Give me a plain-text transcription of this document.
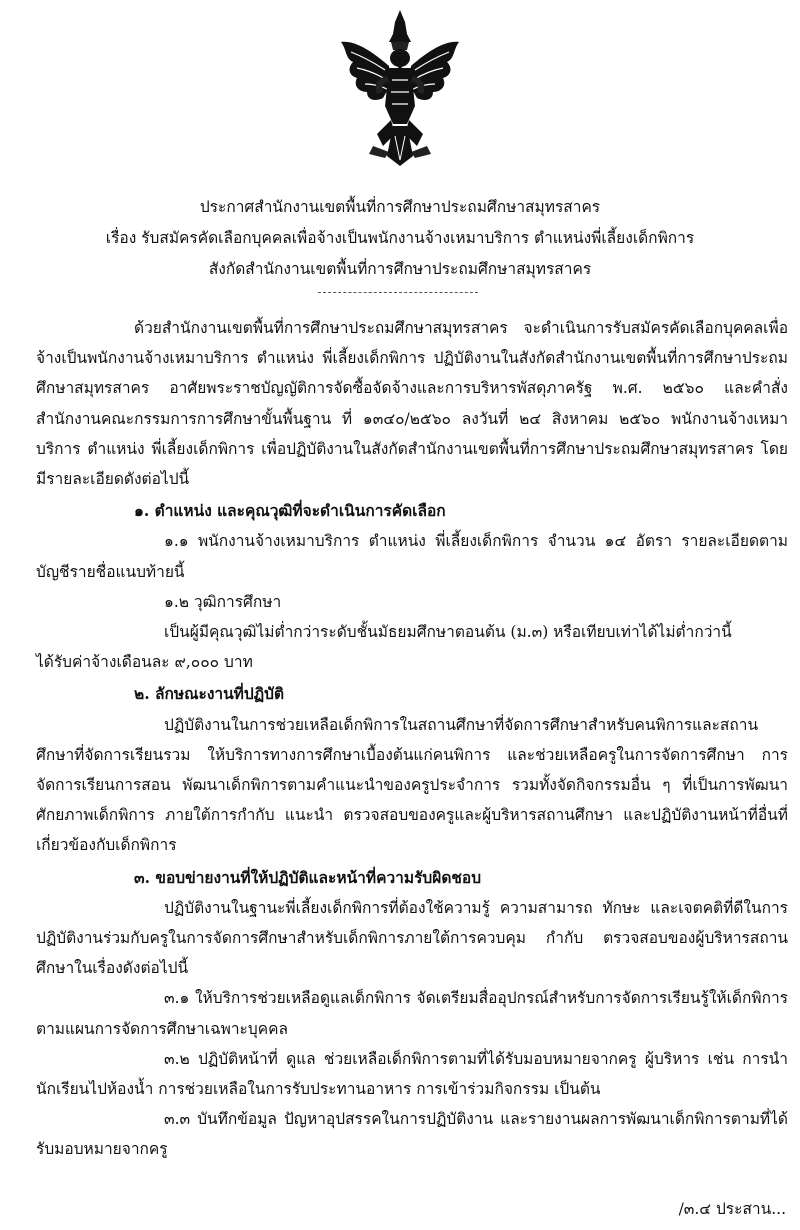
ประกาศสำนักงานเขตพื้นที่การศึกษาประถมศึกษาสมุทรสาคร
เรื่อง รับสมัครคัดเลือกบุคคลเพื่อจ้างเป็นพนักงานจ้างเหมาบริการ ตำแหน่งพี่เลี้ยงเด็กพิการ
สังกัดสำนักงานเขตพื้นที่การศึกษาประถมศึกษาสมุทรสาคร

ด้วยสำนักงานเขตพื้นที่การศึกษาประถมศึกษาสมุทรสาคร จะดำเนินการรับสมัครคัดเลือกบุคคลเพื่อจ้างเป็นพนักงานจ้างเหมาบริการ ตำแหน่ง พี่เลี้ยงเด็กพิการ ปฏิบัติงานในสังกัดสำนักงานเขตพื้นที่การศึกษาประถมศึกษาสมุทรสาคร อาศัยพระราชบัญญัติการจัดซื้อจัดจ้างและการบริหารพัสดุภาครัฐ พ.ศ. ๒๕๖๐ และคำสั่งสำนักงานคณะกรรมการการศึกษาขั้นพื้นฐาน ที่ ๑๓๔๐/๒๕๖๐ ลงวันที่ ๒๔ สิงหาคม ๒๕๖๐ พนักงานจ้างเหมาบริการ ตำแหน่ง พี่เลี้ยงเด็กพิการ เพื่อปฏิบัติงานในสังกัดสำนักงานเขตพื้นที่การศึกษาประถมศึกษาสมุทรสาคร โดยมีรายละเอียดดังต่อไปนี้

๑. ตำแหน่ง และคุณวุฒิที่จะดำเนินการคัดเลือก

๑.๑ พนักงานจ้างเหมาบริการ ตำแหน่ง พี่เลี้ยงเด็กพิการ จำนวน ๑๔ อัตรา รายละเอียดตามบัญชีรายชื่อแนบท้ายนี้

๑.๒ วุฒิการศึกษา

เป็นผู้มีคุณวุฒิไม่ต่ำกว่าระดับชั้นมัธยมศึกษาตอนต้น (ม.๓) หรือเทียบเท่าได้ไม่ต่ำกว่านี้

ได้รับค่าจ้างเดือนละ ๙,๐๐๐ บาท

๒. ลักษณะงานที่ปฏิบัติ

ปฏิบัติงานในการช่วยเหลือเด็กพิการในสถานศึกษาที่จัดการศึกษาสำหรับคนพิการและสถานศึกษาที่จัดการเรียนรวม ให้บริการทางการศึกษาเบื้องต้นแก่คนพิการ และช่วยเหลือครูในการจัดการศึกษา การจัดการเรียนการสอน พัฒนาเด็กพิการตามคำแนะนำของครูประจำการ รวมทั้งจัดกิจกรรมอื่น ๆ ที่เป็นการพัฒนาศักยภาพเด็กพิการ ภายใต้การกำกับ แนะนำ ตรวจสอบของครูและผู้บริหารสถานศึกษา และปฏิบัติงานหน้าที่อื่นที่เกี่ยวข้องกับเด็กพิการ

๓. ขอบข่ายงานที่ให้ปฏิบัติและหน้าที่ความรับผิดชอบ

ปฏิบัติงานในฐานะพี่เลี้ยงเด็กพิการที่ต้องใช้ความรู้ ความสามารถ ทักษะ และเจตคติที่ดีในการปฏิบัติงานร่วมกับครูในการจัดการศึกษาสำหรับเด็กพิการภายใต้การควบคุม กำกับ ตรวจสอบของผู้บริหารสถานศึกษาในเรื่องดังต่อไปนี้

๓.๑ ให้บริการช่วยเหลือดูแลเด็กพิการ จัดเตรียมสื่ออุปกรณ์สำหรับการจัดการเรียนรู้ให้เด็กพิการตามแผนการจัดการศึกษาเฉพาะบุคคล

๓.๒ ปฏิบัติหน้าที่ ดูแล ช่วยเหลือเด็กพิการตามที่ได้รับมอบหมายจากครู ผู้บริหาร เช่น การนำนักเรียนไปห้องน้ำ การช่วยเหลือในการรับประทานอาหาร การเข้าร่วมกิจกรรม เป็นต้น

๓.๓ บันทึกข้อมูล ปัญหาอุปสรรคในการปฏิบัติงาน และรายงานผลการพัฒนาเด็กพิการตามที่ได้รับมอบหมายจากครู

/๓.๔ ประสาน...
